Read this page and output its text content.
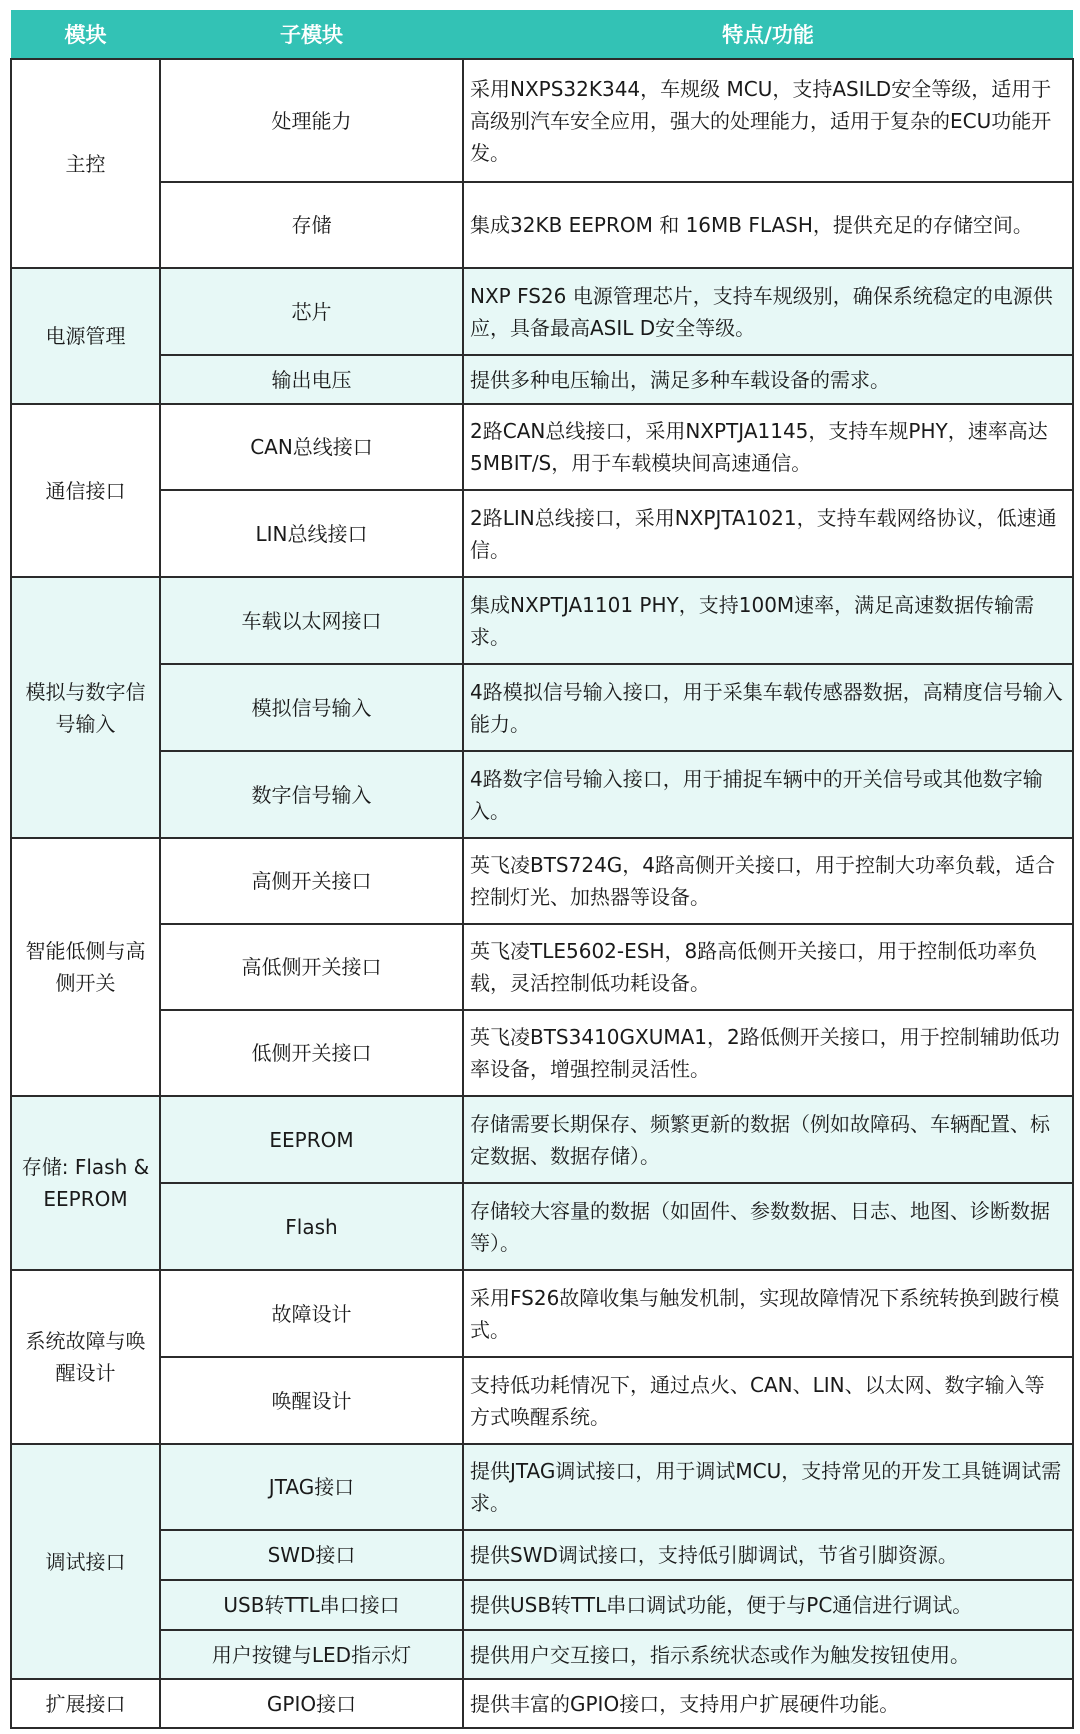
模块	子模块	特点/功能
主控	处理能力	采用NXPS32K344，车规级 MCU，支持ASILD安全等级，适用于高级别汽车安全应用，强大的处理能力，适用于复杂的ECU功能开发。
	存储	集成32KB EEPROM 和 16MB FLASH，提供充足的存储空间。
电源管理	芯片	NXP FS26 电源管理芯片，支持车规级别，确保系统稳定的电源供应，具备最高ASIL D安全等级。
	输出电压	提供多种电压输出，满足多种车载设备的需求。
通信接口	CAN总线接口	2路CAN总线接口，采用NXPTJA1145，支持车规PHY，速率高达5MBIT/S，用于车载模块间高速通信。
	LIN总线接口	2路LIN总线接口，采用NXPJTA1021，支持车载网络协议，低速通信。
模拟与数字信号输入	车载以太网接口	集成NXPTJA1101 PHY，支持100M速率，满足高速数据传输需求。
	模拟信号输入	4路模拟信号输入接口，用于采集车载传感器数据，高精度信号输入能力。
	数字信号输入	4路数字信号输入接口，用于捕捉车辆中的开关信号或其他数字输入。
智能低侧与高侧开关	高侧开关接口	英飞凌BTS724G，4路高侧开关接口，用于控制大功率负载，适合控制灯光、加热器等设备。
	高低侧开关接口	英飞凌TLE5602-ESH，8路高低侧开关接口，用于控制低功率负载，灵活控制低功耗设备。
	低侧开关接口	英飞凌BTS3410GXUMA1，2路低侧开关接口，用于控制辅助低功率设备，增强控制灵活性。
存储: Flash & EEPROM	EEPROM	存储需要长期保存、频繁更新的数据（例如故障码、车辆配置、标定数据、数据存储）。
	Flash	存储较大容量的数据（如固件、参数数据、日志、地图、诊断数据等）。
系统故障与唤醒设计	故障设计	采用FS26故障收集与触发机制，实现故障情况下系统转换到跛行模式。
	唤醒设计	支持低功耗情况下，通过点火、CAN、LIN、以太网、数字输入等方式唤醒系统。
调试接口	JTAG接口	提供JTAG调试接口，用于调试MCU，支持常见的开发工具链调试需求。
	SWD接口	提供SWD调试接口，支持低引脚调试，节省引脚资源。
	USB转TTL串口接口	提供USB转TTL串口调试功能，便于与PC通信进行调试。
	用户按键与LED指示灯	提供用户交互接口，指示系统状态或作为触发按钮使用。
扩展接口	GPIO接口	提供丰富的GPIO接口，支持用户扩展硬件功能。
